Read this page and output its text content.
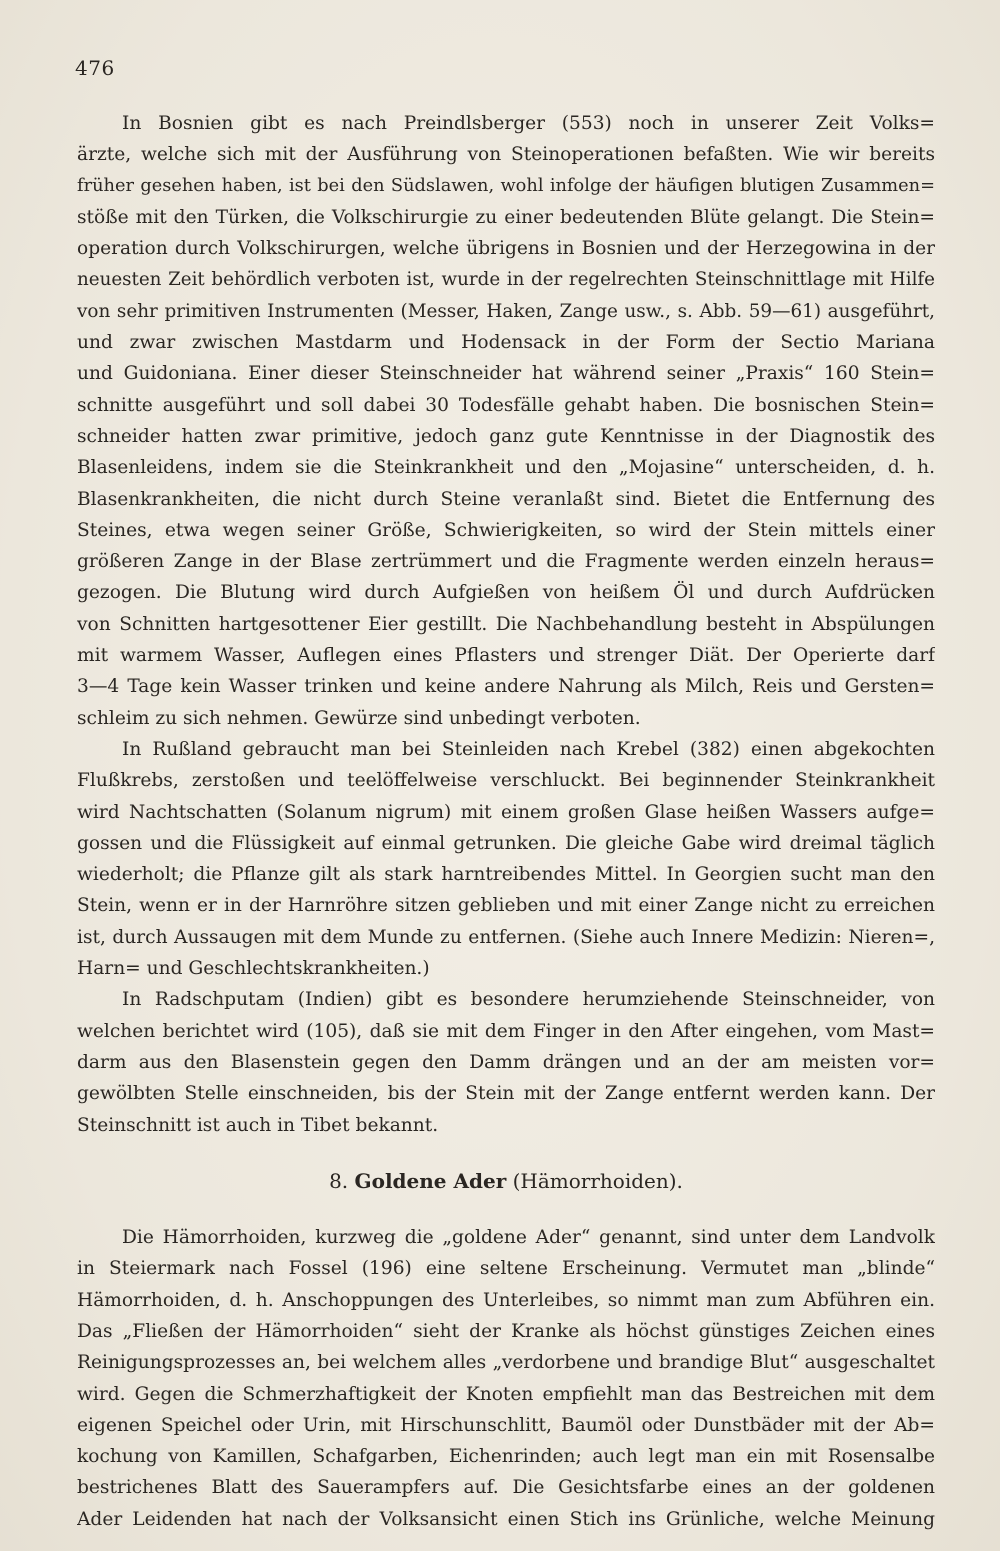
476
In Bosnien gibt es nach Preindlsberger (553) noch in unserer Zeit Volks=
ärzte, welche sich mit der Ausführung von Steinoperationen befaßten. Wie wir bereits
früher gesehen haben, ist bei den Südslawen, wohl infolge der häufigen blutigen Zusammen=
stöße mit den Türken, die Volkschirurgie zu einer bedeutenden Blüte gelangt. Die Stein=
operation durch Volkschirurgen, welche übrigens in Bosnien und der Herzegowina in der
neuesten Zeit behördlich verboten ist, wurde in der regelrechten Steinschnittlage mit Hilfe
von sehr primitiven Instrumenten (Messer, Haken, Zange usw., s. Abb. 59—61) ausgeführt,
und zwar zwischen Mastdarm und Hodensack in der Form der Sectio Mariana
und Guidoniana. Einer dieser Steinschneider hat während seiner „Praxis“ 160 Stein=
schnitte ausgeführt und soll dabei 30 Todesfälle gehabt haben. Die bosnischen Stein=
schneider hatten zwar primitive, jedoch ganz gute Kenntnisse in der Diagnostik des
Blasenleidens, indem sie die Steinkrankheit und den „Mojasine“ unterscheiden, d. h.
Blasenkrankheiten, die nicht durch Steine veranlaßt sind. Bietet die Entfernung des
Steines, etwa wegen seiner Größe, Schwierigkeiten, so wird der Stein mittels einer
größeren Zange in der Blase zertrümmert und die Fragmente werden einzeln heraus=
gezogen. Die Blutung wird durch Aufgießen von heißem Öl und durch Aufdrücken
von Schnitten hartgesottener Eier gestillt. Die Nachbehandlung besteht in Abspülungen
mit warmem Wasser, Auflegen eines Pflasters und strenger Diät. Der Operierte darf
3—4 Tage kein Wasser trinken und keine andere Nahrung als Milch, Reis und Gersten=
schleim zu sich nehmen. Gewürze sind unbedingt verboten.
In Rußland gebraucht man bei Steinleiden nach Krebel (382) einen abgekochten
Flußkrebs, zerstoßen und teelöffelweise verschluckt. Bei beginnender Steinkrankheit
wird Nachtschatten (Solanum nigrum) mit einem großen Glase heißen Wassers aufge=
gossen und die Flüssigkeit auf einmal getrunken. Die gleiche Gabe wird dreimal täglich
wiederholt; die Pflanze gilt als stark harntreibendes Mittel. In Georgien sucht man den
Stein, wenn er in der Harnröhre sitzen geblieben und mit einer Zange nicht zu erreichen
ist, durch Aussaugen mit dem Munde zu entfernen. (Siehe auch Innere Medizin: Nieren=,
Harn= und Geschlechtskrankheiten.)
In Radschputam (Indien) gibt es besondere herumziehende Steinschneider, von
welchen berichtet wird (105), daß sie mit dem Finger in den After eingehen, vom Mast=
darm aus den Blasenstein gegen den Damm drängen und an der am meisten vor=
gewölbten Stelle einschneiden, bis der Stein mit der Zange entfernt werden kann. Der
Steinschnitt ist auch in Tibet bekannt.
8. Goldene Ader (Hämorrhoiden).
Die Hämorrhoiden, kurzweg die „goldene Ader“ genannt, sind unter dem Landvolk
in Steiermark nach Fossel (196) eine seltene Erscheinung. Vermutet man „blinde“
Hämorrhoiden, d. h. Anschoppungen des Unterleibes, so nimmt man zum Abführen ein.
Das „Fließen der Hämorrhoiden“ sieht der Kranke als höchst günstiges Zeichen eines
Reinigungsprozesses an, bei welchem alles „verdorbene und brandige Blut“ ausgeschaltet
wird. Gegen die Schmerzhaftigkeit der Knoten empfiehlt man das Bestreichen mit dem
eigenen Speichel oder Urin, mit Hirschunschlitt, Baumöl oder Dunstbäder mit der Ab=
kochung von Kamillen, Schafgarben, Eichenrinden; auch legt man ein mit Rosensalbe
bestrichenes Blatt des Sauerampfers auf. Die Gesichtsfarbe eines an der goldenen
Ader Leidenden hat nach der Volksansicht einen Stich ins Grünliche, welche Meinung
